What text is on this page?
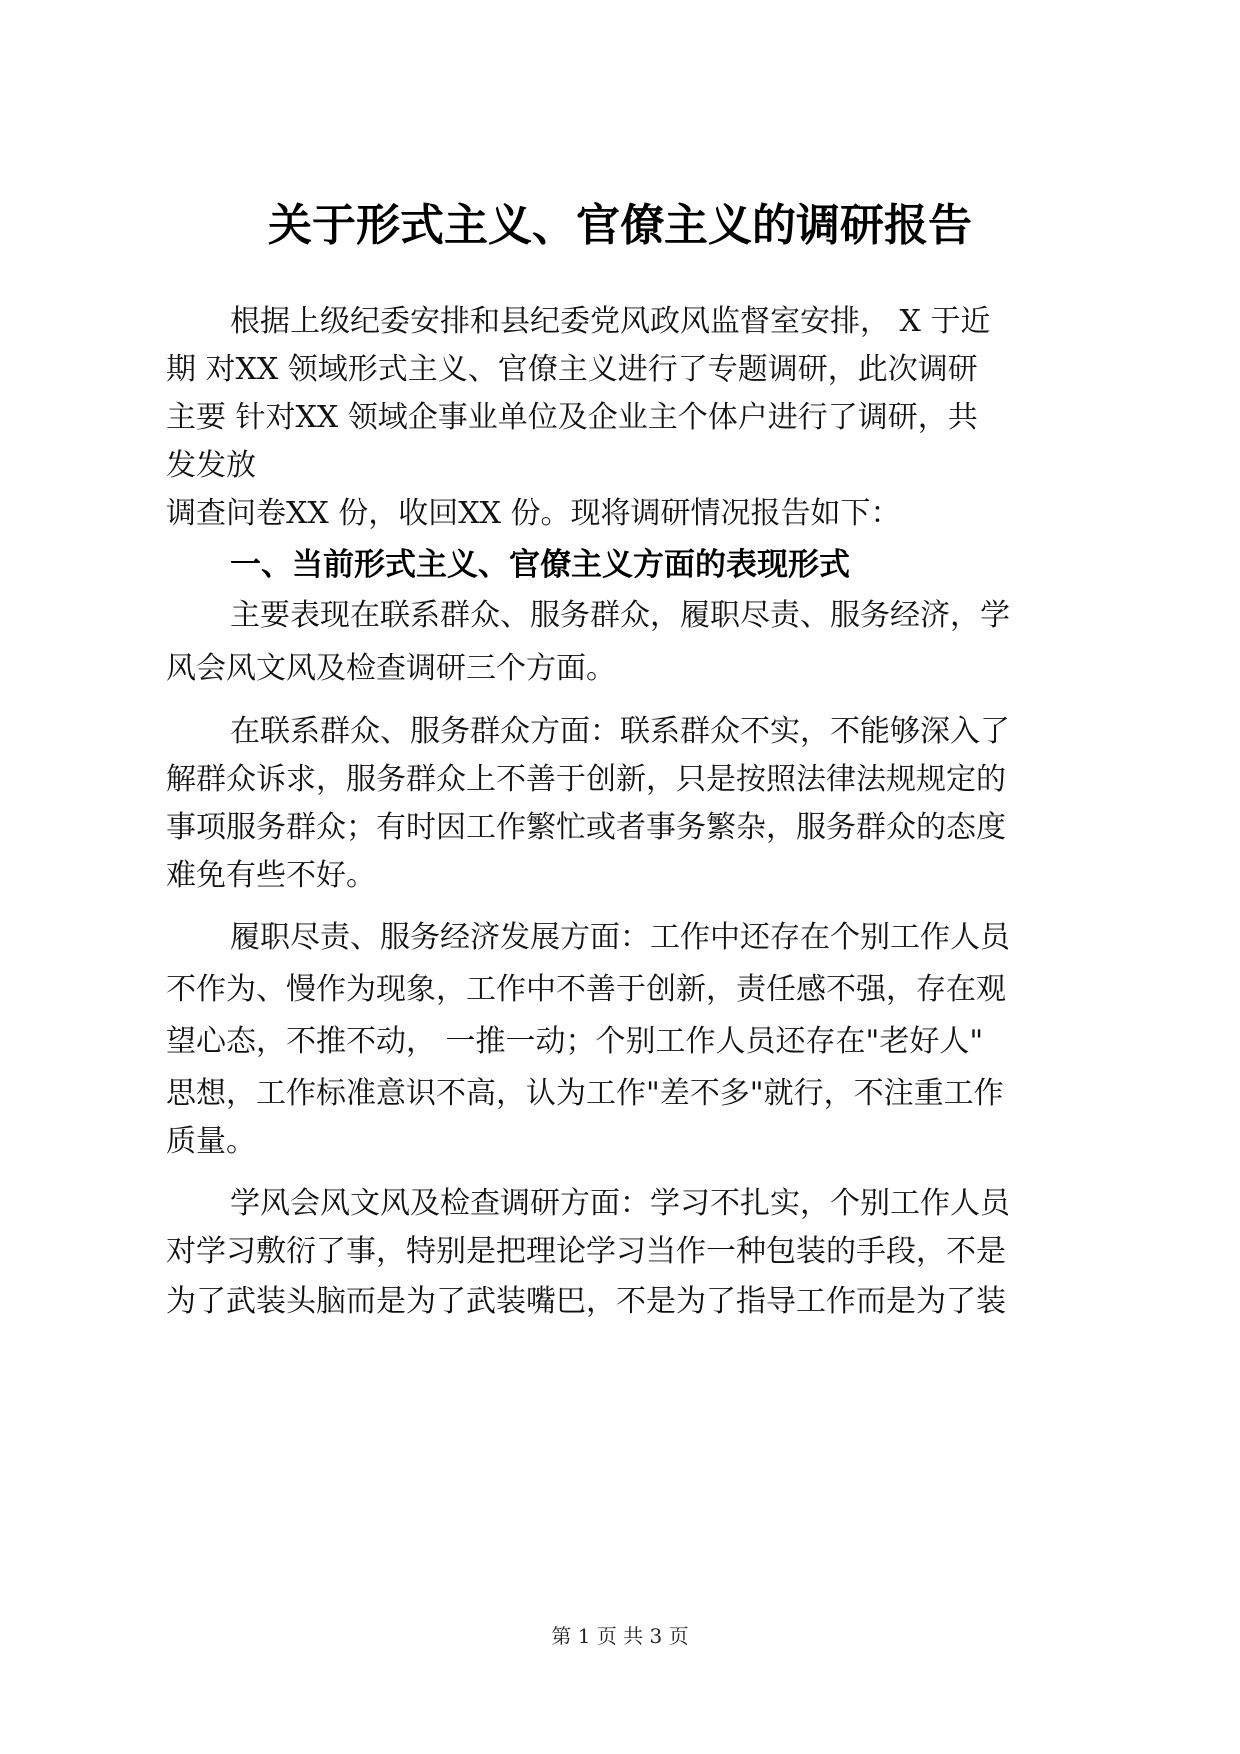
关于形式主义、官僚主义的调研报告

根据上级纪委安排和县纪委党风政风监督室安排， X 于近

期 对XX 领域形式主义、官僚主义进行了专题调研，此次调研

主要 针对XX 领域企事业单位及企业主个体户进行了调研，共

发发放

调查问卷XX 份，收回XX 份。现将调研情况报告如下：

一、当前形式主义、官僚主义方面的表现形式

主要表现在联系群众、服务群众，履职尽责、服务经济，学

风会风文风及检查调研三个方面。

在联系群众、服务群众方面：联系群众不实，不能够深入了

解群众诉求，服务群众上不善于创新，只是按照法律法规规定的

事项服务群众；有时因工作繁忙或者事务繁杂，服务群众的态度

难免有些不好。

履职尽责、服务经济发展方面：工作中还存在个别工作人员

不作为、慢作为现象，工作中不善于创新，责任感不强，存在观

望心态，不推不动， 一推一动；个别工作人员还存在"老好人"

思想，工作标准意识不高，认为工作"差不多"就行，不注重工作

质量。

学风会风文风及检查调研方面：学习不扎实，个别工作人员

对学习敷衍了事，特别是把理论学习当作一种包装的手段，不是

为了武装头脑而是为了武装嘴巴，不是为了指导工作而是为了装

第 1 页 共 3 页
